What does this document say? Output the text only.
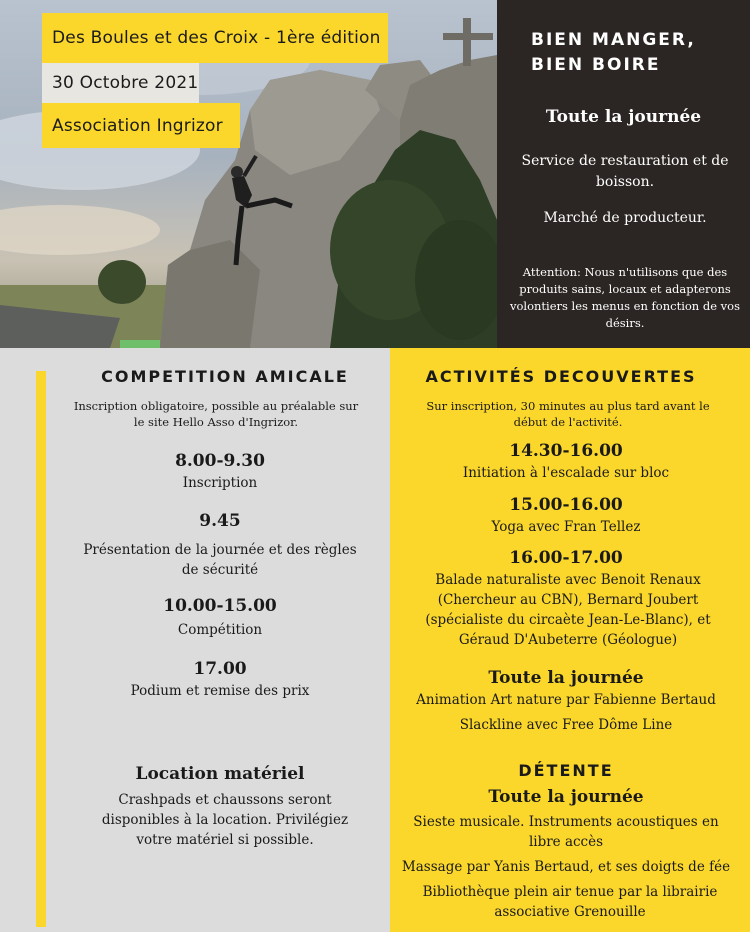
Des Boules et des Croix - 1ère édition
30 Octobre 2021
Association Ingrizor
BIEN MANGER,
BIEN BOIRE
Toute la journée
Service de restauration et de boisson.
Marché de producteur.
Attention: Nous n'utilisons que des produits sains, locaux et adapterons volontiers les menus en fonction de vos désirs.
COMPETITION AMICALE
Inscription obligatoire, possible au préalable sur le site Hello Asso d'Ingrizor.
8.00-9.30
Inscription
9.45
Présentation de la journée et des règles de sécurité
10.00-15.00
Compétition
17.00
Podium et remise des prix
Location matériel
Crashpads et chaussons seront disponibles à la location. Privilégiez votre matériel si possible.
ACTIVITÉS DECOUVERTES
Sur inscription, 30 minutes au plus tard avant le début de l'activité.
14.30-16.00
Initiation à l'escalade sur bloc
15.00-16.00
Yoga avec Fran Tellez
16.00-17.00
Balade naturaliste avec Benoit Renaux (Chercheur au CBN), Bernard Joubert (spécialiste du circaète Jean-Le-Blanc), et Géraud D'Aubeterre (Géologue)
Toute la journée
Animation Art nature par Fabienne Bertaud
Slackline avec Free Dôme Line
DÉTENTE
Toute la journée
Sieste musicale. Instruments acoustiques en libre accès
Massage par Yanis Bertaud, et ses doigts de fée
Bibliothèque plein air tenue par la librairie associative Grenouille
